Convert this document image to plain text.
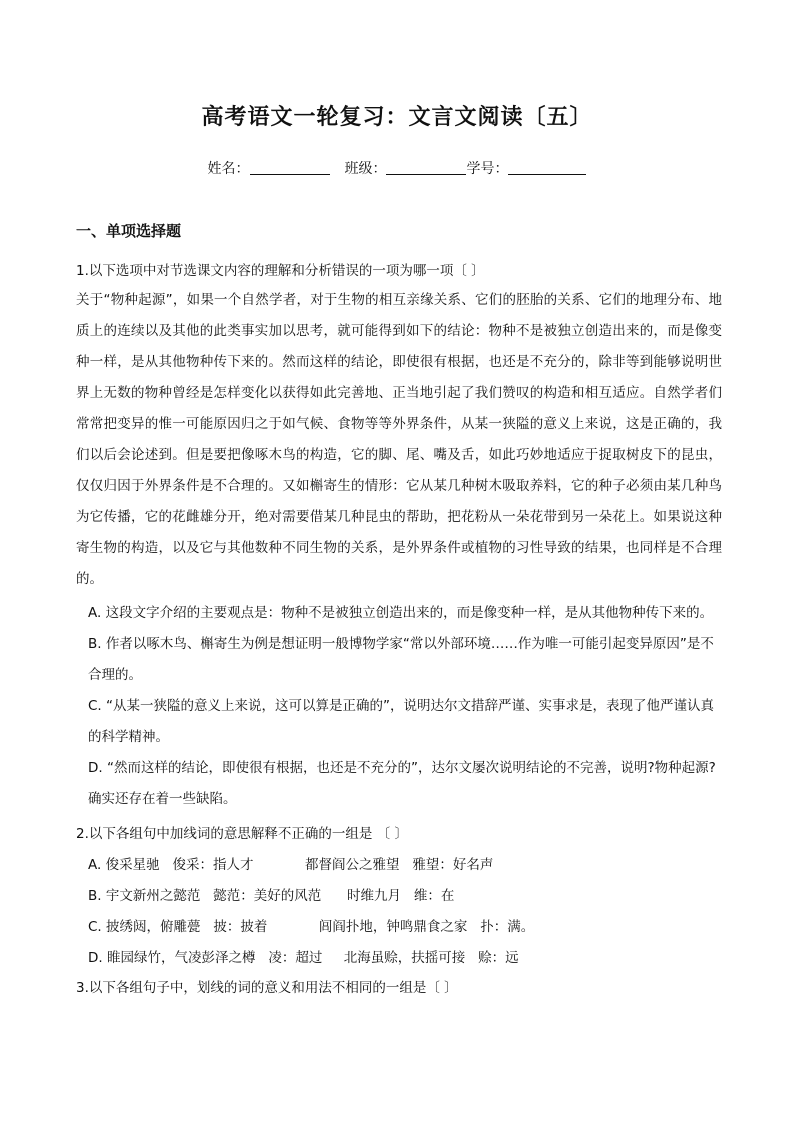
高考语文一轮复习：文言文阅读〔五〕
姓名：	班级：	学号：
一、单项选择题
1.以下选项中对节选课文内容的理解和分析错误的一项为哪一项〔 〕
关于“物种起源”，如果一个自然学者，对于生物的相互亲缘关系、它们的胚胎的关系、它们的地理分布、地质上的连续以及其他的此类事实加以思考，就可能得到如下的结论：物种不是被独立创造出来的，而是像变种一样，是从其他物种传下来的。然而这样的结论，即使很有根据，也还是不充分的，除非等到能够说明世界上无数的物种曾经是怎样变化以获得如此完善地、正当地引起了我们赞叹的构造和相互适应。自然学者们常常把变异的惟一可能原因归之于如气候、食物等等外界条件，从某一狭隘的意义上来说，这是正确的，我们以后会论述到。但是要把像啄木鸟的构造，它的脚、尾、嘴及舌，如此巧妙地适应于捉取树皮下的昆虫，仅仅归因于外界条件是不合理的。又如槲寄生的情形：它从某几种树木吸取养料，它的种子必须由某几种鸟为它传播，它的花雌雄分开，绝对需要借某几种昆虫的帮助，把花粉从一朵花带到另一朵花上。如果说这种寄生物的构造，以及它与其他数种不同生物的关系，是外界条件或植物的习性导致的结果，也同样是不合理的。
A. 这段文字介绍的主要观点是：物种不是被独立创造出来的，而是像变种一样，是从其他物种传下来的。
B. 作者以啄木鸟、槲寄生为例是想证明一般博物学家“常以外部环境……作为唯一可能引起变异原因”是不合理的。
C. “从某一狭隘的意义上来说，这可以算是正确的”，说明达尔文措辞严谨、实事求是，表现了他严谨认真的科学精神。
D. “然而这样的结论，即使很有根据，也还是不充分的”，达尔文屡次说明结论的不完善，说明?物种起源?确实还存在着一些缺陷。
2.以下各组句中加线词的意思解释不正确的一组是 〔 〕
A. 俊采星驰   俊采：指人才            都督阎公之雅望   雅望：好名声
B. 宇文新州之懿范   懿范：美好的风范      时维九月   维：在
C. 披绣闼，俯雕甍   披：披着            闾阎扑地，钟鸣鼎食之家   扑：满。
D. 睢园绿竹，气凌彭泽之樽   凌：超过     北海虽赊，扶摇可接   赊：远
3.以下各组句子中，划线的词的意义和用法不相同的一组是〔 〕
